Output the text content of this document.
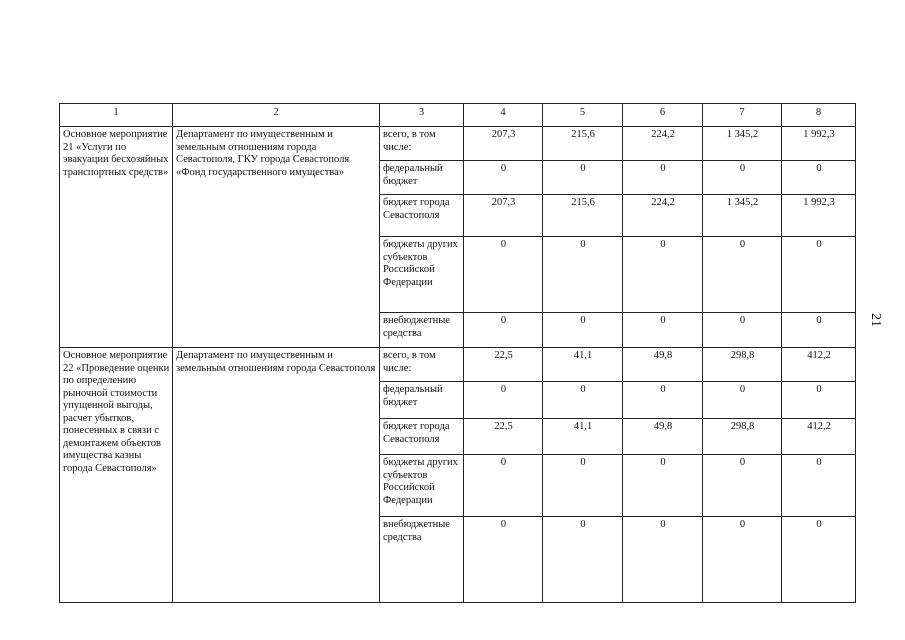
1	2	3	4	5	6	7	8
Основное мероприятие 21 «Услуги по эвакуации бесхозяйных транспортных средств»	Департамент по имущественным и земельным отношениям города Севастополя, ГКУ города Севастополя «Фонд государственного имущества»	всего, в том числе:	207,3	215,6	224,2	1 345,2	1 992,3
		федеральный бюджет	0	0	0	0	0
		бюджет города Севастополя	207,3	215,6	224,2	1 345,2	1 992,3
		бюджеты других субъектов Российской Федерации	0	0	0	0	0
		внебюджетные средства	0	0	0	0	0
Основное мероприятие 22 «Проведение оценки по определению рыночной стоимости упущенной выгоды, расчет убытков, понесенных в связи с демонтажем объектов имущества казны города Севастополя»	Департамент по имущественным и земельным отношениям города Севастополя	всего, в том числе:	22,5	41,1	49,8	298,8	412,2
		федеральный бюджет	0	0	0	0	0
		бюджет города Севастополя	22,5	41,1	49,8	298,8	412,2
		бюджеты других субъектов Российской Федерации	0	0	0	0	0
		внебюджетные средства	0	0	0	0	0
21
